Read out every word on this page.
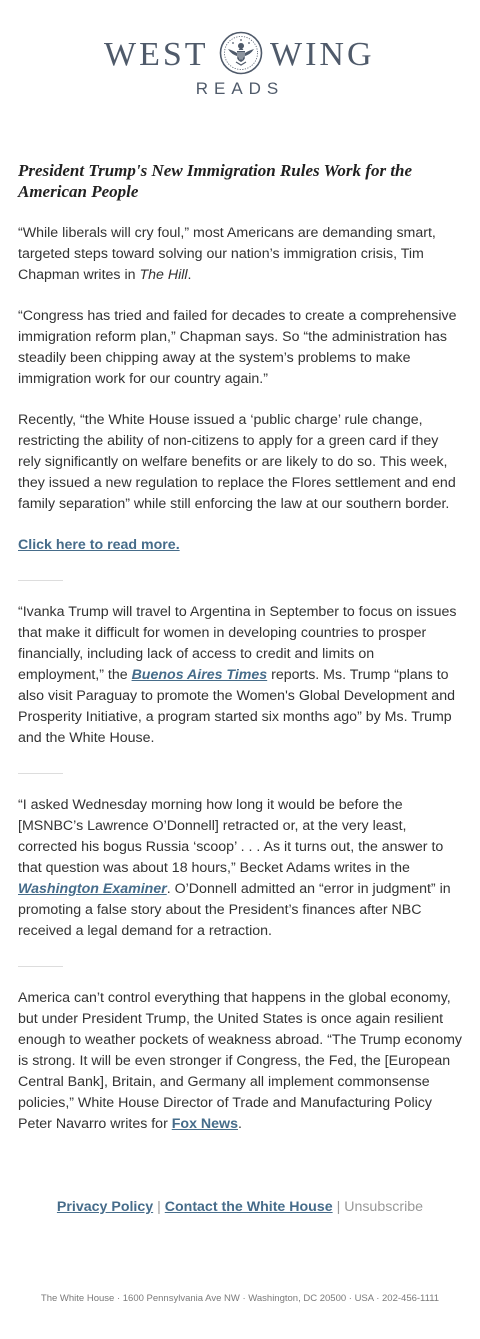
WEST WING
READS
President Trump's New Immigration Rules Work for the American People

“While liberals will cry foul,” most Americans are demanding smart, targeted steps toward solving our nation’s immigration crisis, Tim Chapman writes in The Hill.

“Congress has tried and failed for decades to create a comprehensive immigration reform plan,” Chapman says. So “the administration has steadily been chipping away at the system’s problems to make immigration work for our country again.”

Recently, “the White House issued a ‘public charge’ rule change, restricting the ability of non-citizens to apply for a green card if they rely significantly on welfare benefits or are likely to do so. This week, they issued a new regulation to replace the Flores settlement and end family separation” while still enforcing the law at our southern border.

Click here to read more.

“Ivanka Trump will travel to Argentina in September to focus on issues that make it difficult for women in developing countries to prosper financially, including lack of access to credit and limits on employment,” the Buenos Aires Times reports. Ms. Trump “plans to also visit Paraguay to promote the Women's Global Development and Prosperity Initiative, a program started six months ago” by Ms. Trump and the White House.

“I asked Wednesday morning how long it would be before the [MSNBC’s Lawrence O’Donnell] retracted or, at the very least, corrected his bogus Russia ‘scoop’ . . . As it turns out, the answer to that question was about 18 hours,” Becket Adams writes in the Washington Examiner. O’Donnell admitted an “error in judgment” in promoting a false story about the President’s finances after NBC received a legal demand for a retraction.

America can’t control everything that happens in the global economy, but under President Trump, the United States is once again resilient enough to weather pockets of weakness abroad. “The Trump economy is strong. It will be even stronger if Congress, the Fed, the [European Central Bank], Britain, and Germany all implement commonsense policies,” White House Director of Trade and Manufacturing Policy Peter Navarro writes for Fox News.

Privacy Policy | Contact the White House | Unsubscribe
The White House · 1600 Pennsylvania Ave NW · Washington, DC 20500 · USA · 202-456-1111
